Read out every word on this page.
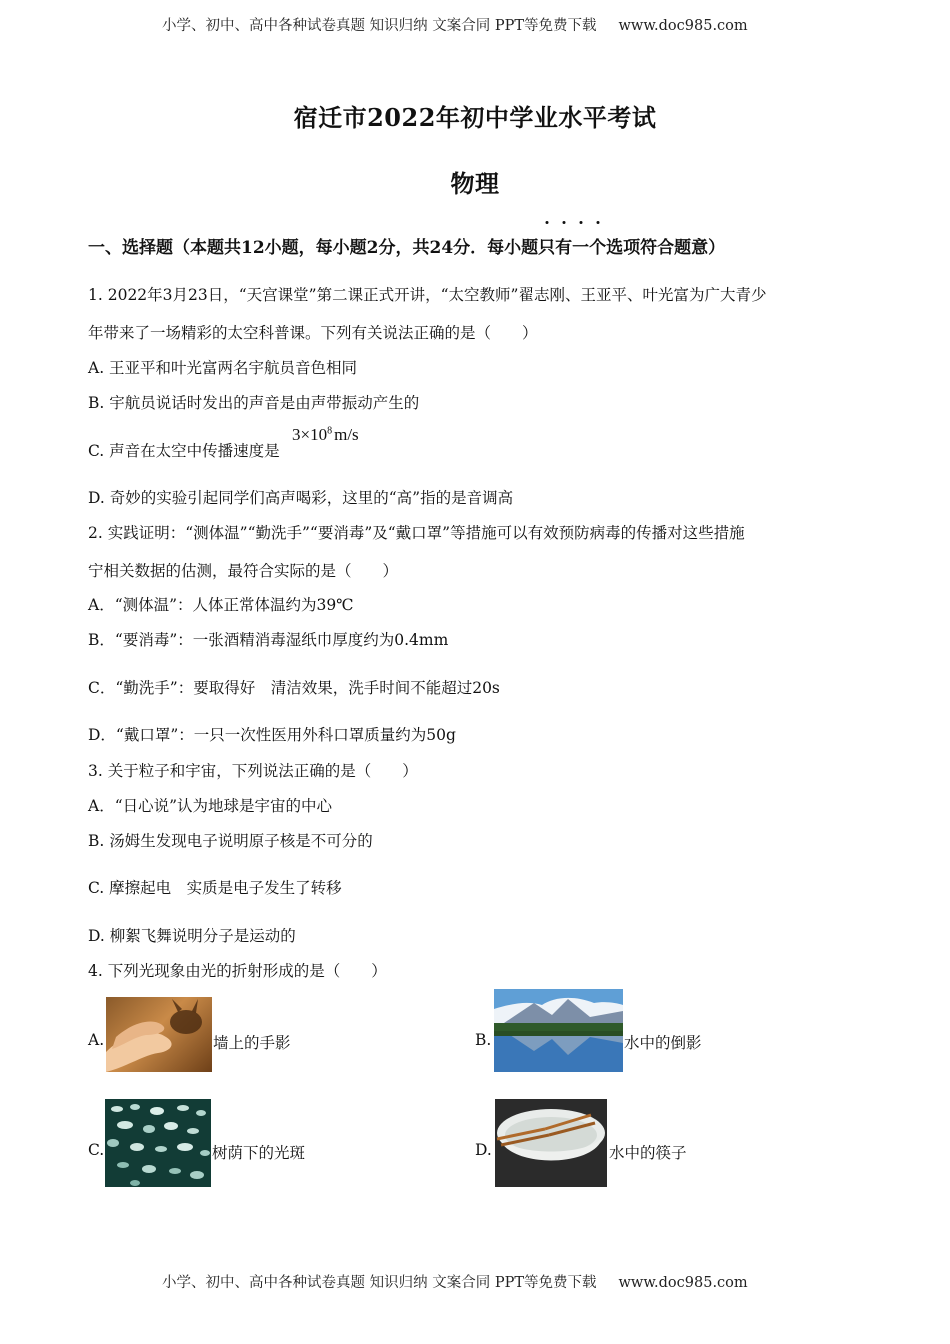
小学、初中、高中各种试卷真题 知识归纳 文案合同 PPT等免费下载 www.doc985.com
宿迁市2022年初中学业水平考试
物理
一、选择题（本题共12小题，每小题2分，共24分．每小题
只
有
一
个选项符合题意）
1. 2022年3月23日，“天宫课堂”第二课正式开讲，“太空教师”翟志刚、王亚平、叶光富为广大青少
年带来了一场精彩的太空科普课。下列有关说法正确的是（　　）
A. 王亚平和叶光富两名宇航员音色相同
B. 宇航员说话时发出的声音是由声带振动产生的
C. 声音在太空中传播速度是
$3\times 10^8$ m/s
D. 奇妙的实验引起同学们高声喝彩，这里的“高”指的是音调高
2. 实践证明：“测体温”“勤洗手”“要消毒”及“戴口罩”等措施可以有效预防病毒的传播对这些措施
宁相关数据的估测，最符合实际的是（　　）
A．“测体温”：人体正常体温约为39℃
B．“要消毒”：一张酒精消毒湿纸巾厚度约为0.4mm
C．“勤洗手”：要取得好　清洁效果，洗手时间不能超过20s
D．“戴口罩”：一只一次性医用外科口罩质量约为50g
3. 关于粒子和宇宙，下列说法正确的是（　　）
A．“日心说”认为地球是宇宙的中心
B. 汤姆生发现电子说明原子核是不可分的
C. 摩擦起电　实质是电子发生了转移
D. 柳絮飞舞说明分子是运动的
4. 下列光现象由光的折射形成的是（　　）
A.	墙上的手影	B.	水中的倒影
C.	树荫下的光斑	D.	水中的筷子
小学、初中、高中各种试卷真题 知识归纳 文案合同 PPT等免费下载 www.doc985.com
